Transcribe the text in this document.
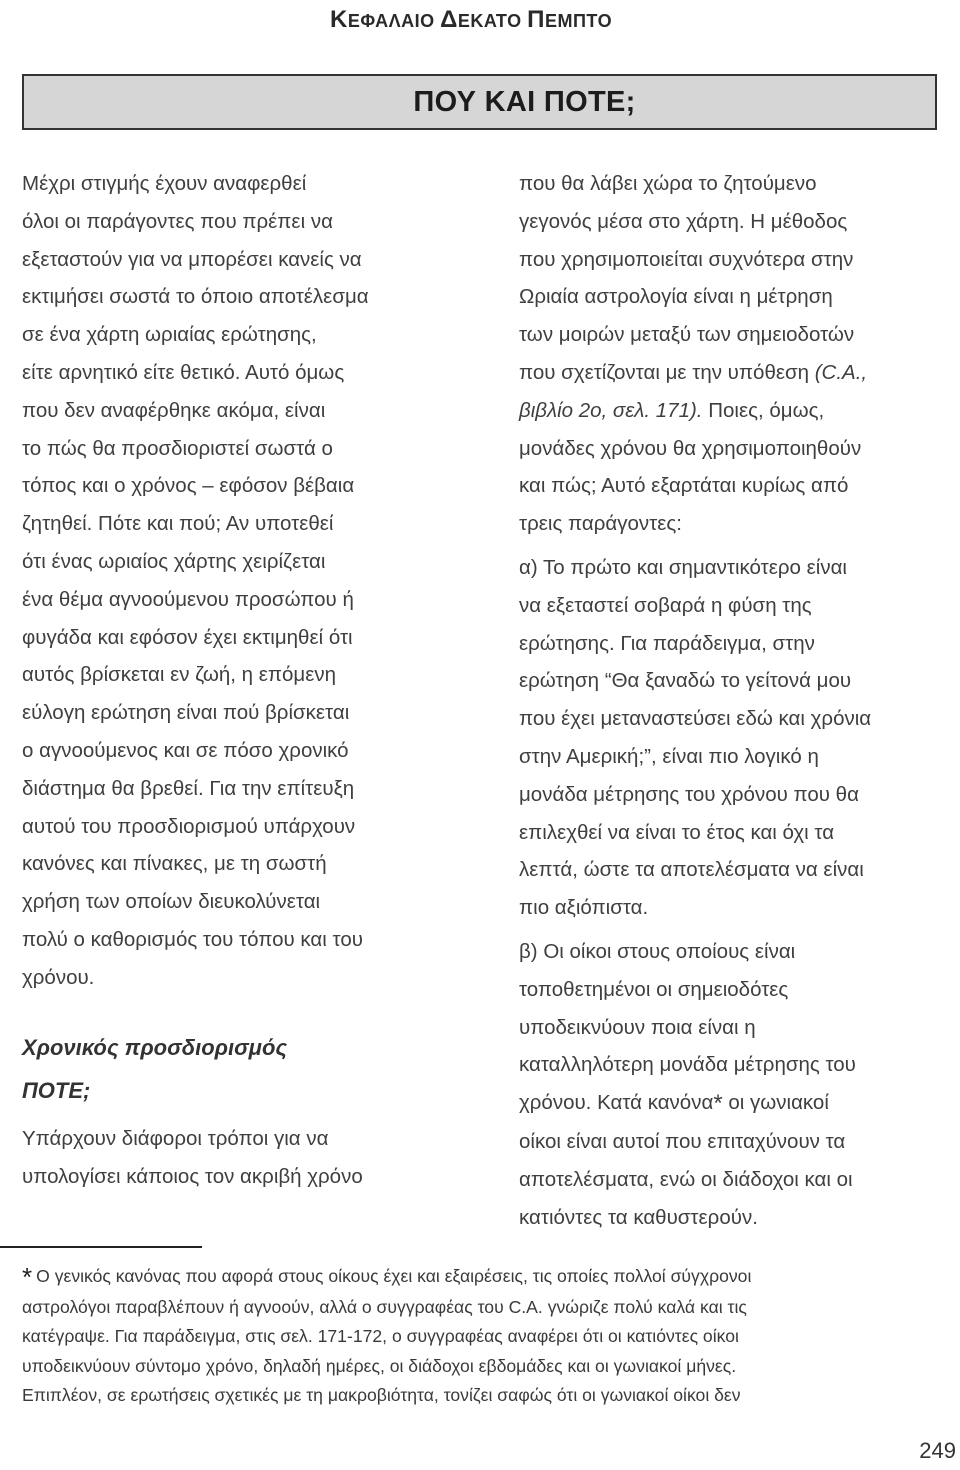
ΚΕΦΑΛΑΙΟ ΔΕΚΑΤΟ ΠΕΜΠΤΟ
ΠΟΥ ΚΑΙ ΠΟΤΕ;
Μέχρι στιγμής έχουν αναφερθεί
όλοι οι παράγοντες που πρέπει να
εξεταστούν για να μπορέσει κανείς να
εκτιμήσει σωστά το όποιο αποτέλεσμα
σε ένα χάρτη ωριαίας ερώτησης,
είτε αρνητικό είτε θετικό. Αυτό όμως
που δεν αναφέρθηκε ακόμα, είναι
το πώς θα προσδιοριστεί σωστά ο
τόπος και ο χρόνος – εφόσον βέβαια
ζητηθεί. Πότε και πού; Αν υποτεθεί
ότι ένας ωριαίος χάρτης χειρίζεται
ένα θέμα αγνοούμενου προσώπου ή
φυγάδα και εφόσον έχει εκτιμηθεί ότι
αυτός βρίσκεται εν ζωή, η επόμενη
εύλογη ερώτηση είναι πού βρίσκεται
ο αγνοούμενος και σε πόσο χρονικό
διάστημα θα βρεθεί. Για την επίτευξη
αυτού του προσδιορισμού υπάρχουν
κανόνες και πίνακες, με τη σωστή
χρήση των οποίων διευκολύνεται
πολύ ο καθορισμός του τόπου και του
χρόνου.
Χρονικός προσδιορισμός
ΠΟΤΕ;
Υπάρχουν διάφοροι τρόποι για να
υπολογίσει κάποιος τον ακριβή χρόνο
που θα λάβει χώρα το ζητούμενο
γεγονός μέσα στο χάρτη. Η μέθοδος
που χρησιμοποιείται συχνότερα στην
Ωριαία αστρολογία είναι η μέτρηση
των μοιρών μεταξύ των σημειοδοτών
που σχετίζονται με την υπόθεση (C.A.,
βιβλίο 2ο, σελ. 171). Ποιες, όμως,
μονάδες χρόνου θα χρησιμοποιηθούν
και πώς; Αυτό εξαρτάται κυρίως από
τρεις παράγοντες:
α) Το πρώτο και σημαντικότερο είναι
να εξεταστεί σοβαρά η φύση της
ερώτησης. Για παράδειγμα, στην
ερώτηση “Θα ξαναδώ το γείτονά μου
που έχει μεταναστεύσει εδώ και χρόνια
στην Αμερική;”, είναι πιο λογικό η
μονάδα μέτρησης του χρόνου που θα
επιλεχθεί να είναι το έτος και όχι τα
λεπτά, ώστε τα αποτελέσματα να είναι
πιο αξιόπιστα.
β) Οι οίκοι στους οποίους είναι
τοποθετημένοι οι σημειοδότες
υποδεικνύουν ποια είναι η
καταλληλότερη μονάδα μέτρησης του
χρόνου. Κατά κανόνα* οι γωνιακοί
οίκοι είναι αυτοί που επιταχύνουν τα
αποτελέσματα, ενώ οι διάδοχοι και οι
κατιόντες τα καθυστερούν.
* Ο γενικός κανόνας που αφορά στους οίκους έχει και εξαιρέσεις, τις οποίες πολλοί σύγχρονοι
αστρολόγοι παραβλέπουν ή αγνοούν, αλλά ο συγγραφέας του C.A. γνώριζε πολύ καλά και τις
κατέγραψε. Για παράδειγμα, στις σελ. 171-172, ο συγγραφέας αναφέρει ότι οι κατιόντες οίκοι
υποδεικνύουν σύντομο χρόνο, δηλαδή ημέρες, οι διάδοχοι εβδομάδες και οι γωνιακοί μήνες.
Επιπλέον, σε ερωτήσεις σχετικές με τη μακροβιότητα, τονίζει σαφώς ότι οι γωνιακοί οίκοι δεν
249
